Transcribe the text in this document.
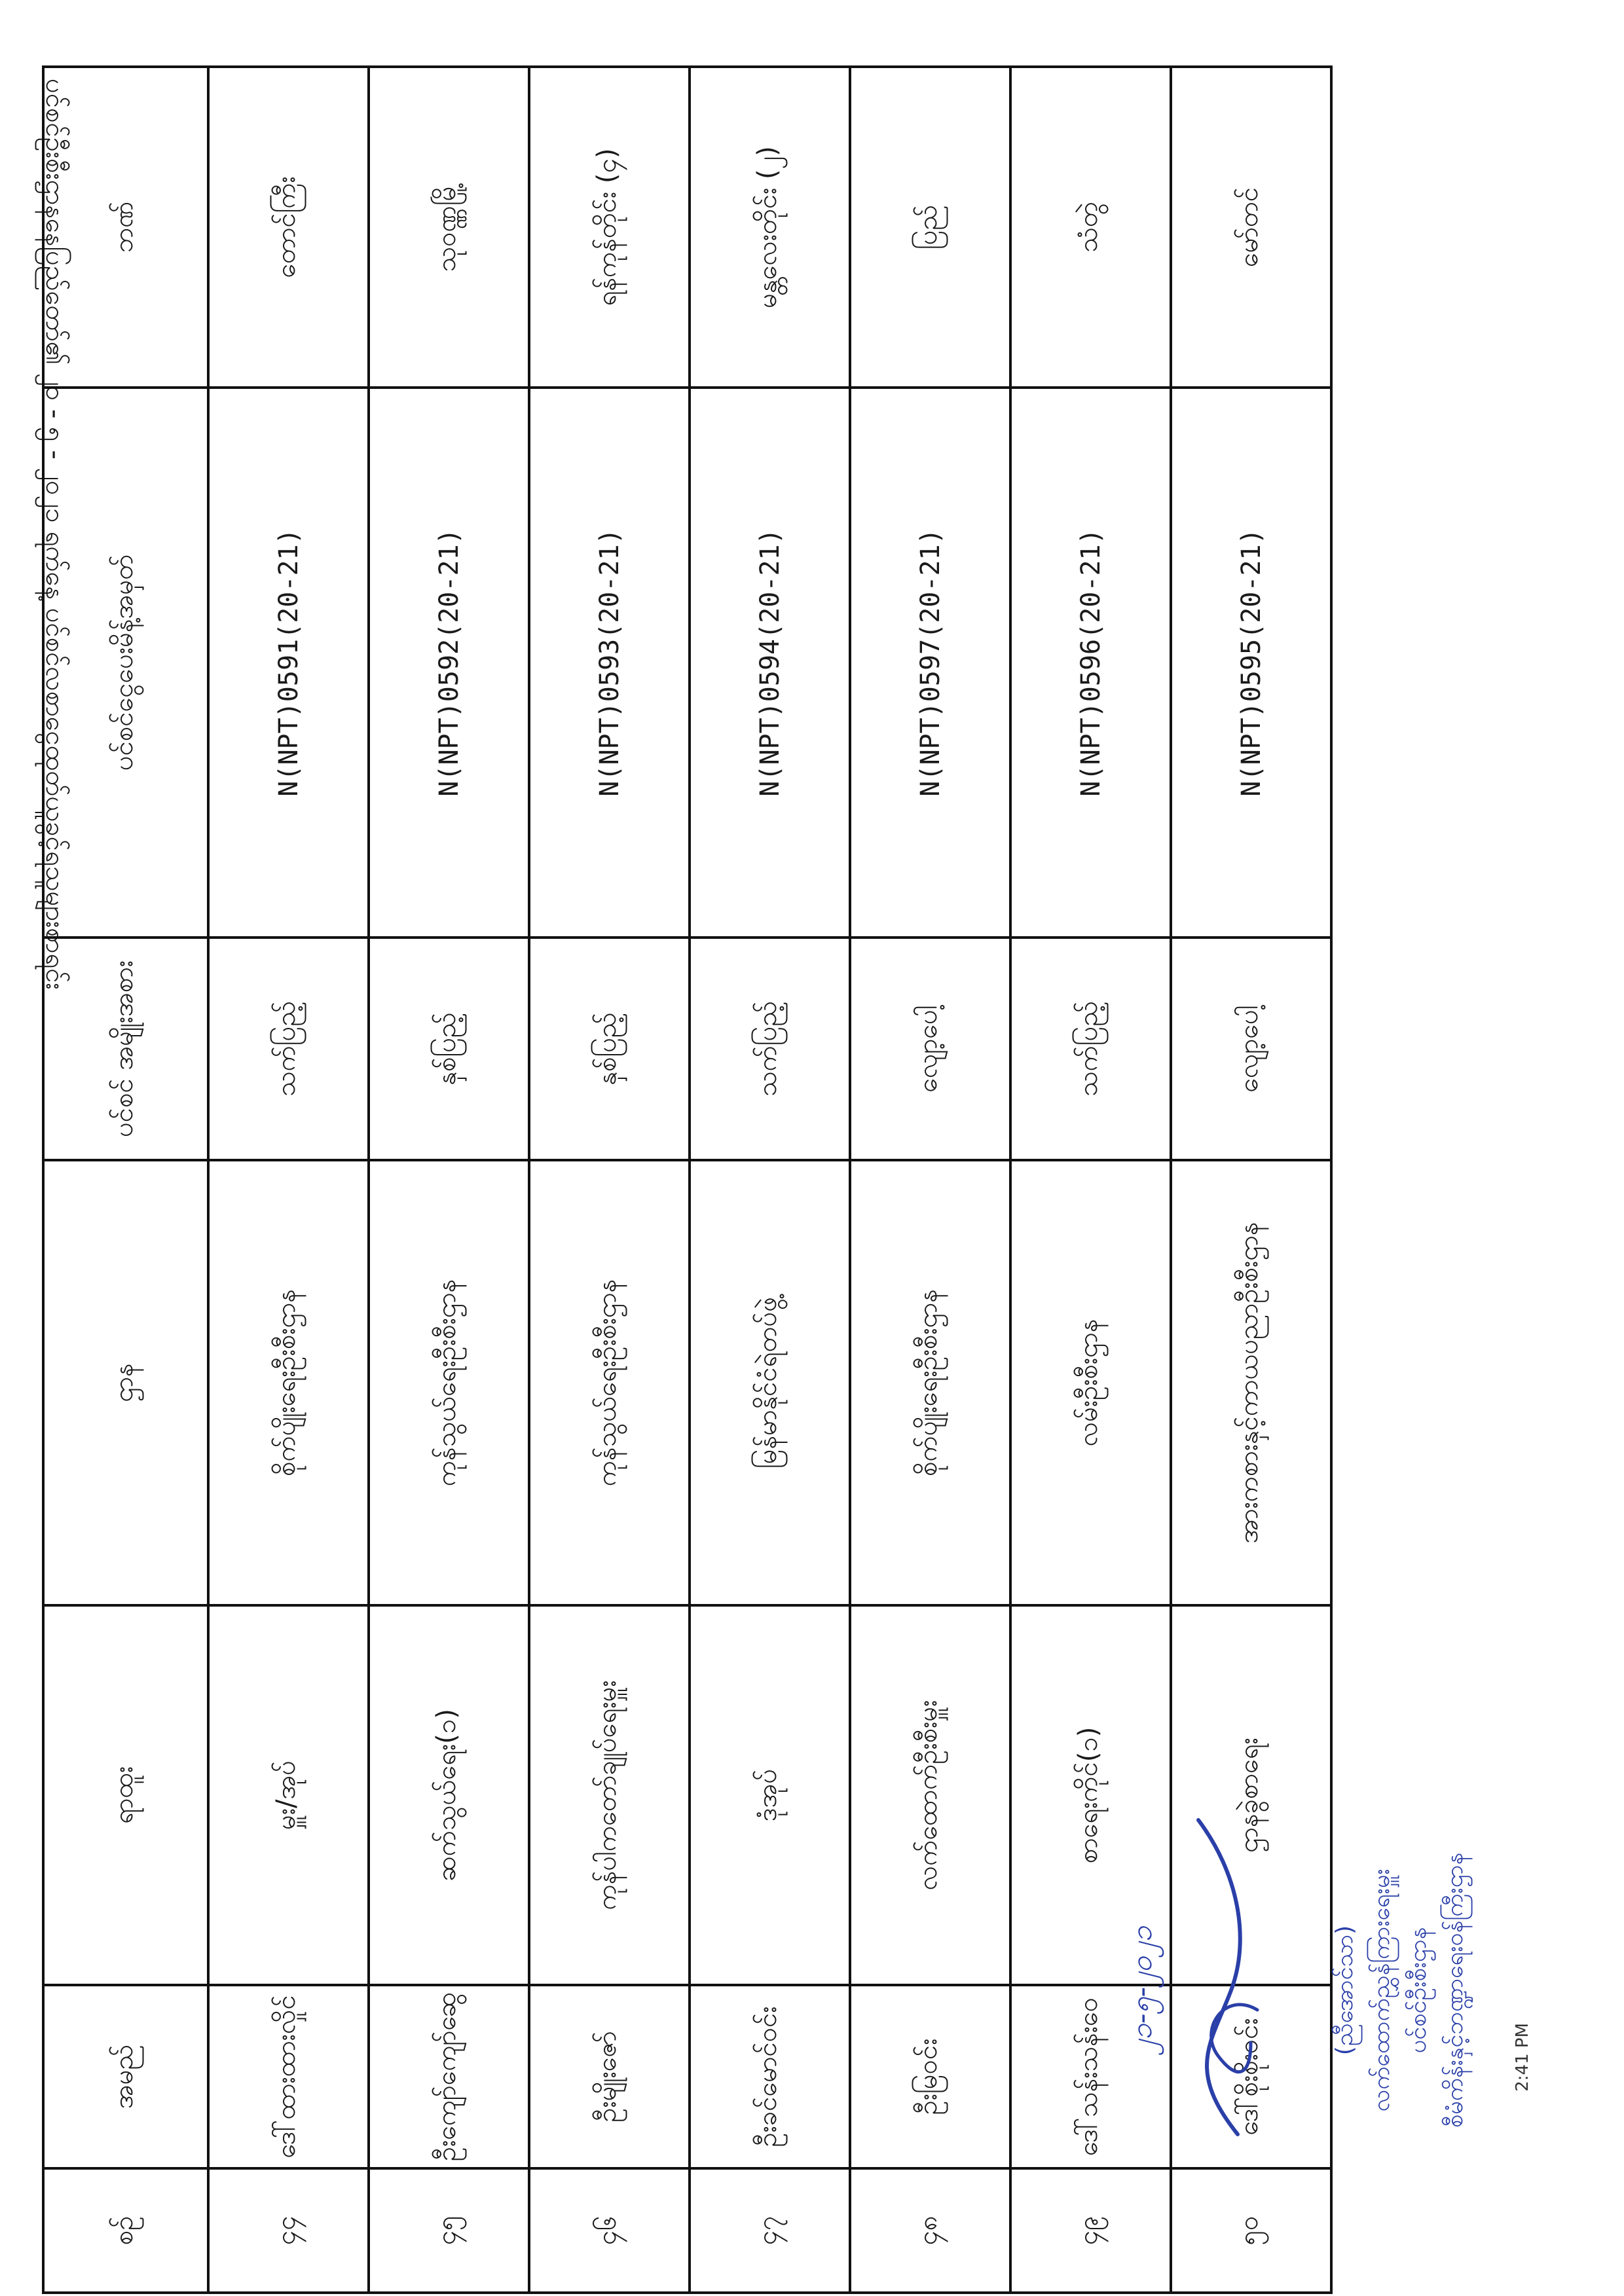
ပင်စင်ဦးစီးဌာနနေပြည်တော်၏ ၂၁ - ၅ - ၂၀၂၁ ရက်နေ့ ပင်စင်လစာငွေထုတ်ယူခွင့်ရသူများစာရင်း
စဉ်	အမည်	ရာထူး	ဌာန	ပင်စင် အမျိုးအစား	ပင်စင်ငွေပေးမိန့်အမှတ်	ဘဏ်
၄၄	ဒေါ်ထားထားလှိုင်	မှူး/အုပ်	စိုက်ပျိုးရေးဦးစီးဌာန	သက်ပြည့်	N(NPT)0591(20-21)	တောင်ကြီး
၄၅	ဦးကျော်ကျော်ဆွေ	ဆက်သွယ်ရေး(၁)	ကုန်သွယ်ရေးဦးစီးဌာန	နှစ်ပြည့်	N(NPT)0592(20-21)	သုဝဏ္ဏမြို့
၄၆	ဦးမျိုးဇော်	ကုန်ပါကတော်ချုပ်ရေးမှူး	ကုန်သွယ်ရေးဦးစီးဌာန	နှစ်ပြည့်	N(NPT)0593(20-21)	ရန်ကုန်တိုင်း (၄)
၄၇	ဦးခင်မောင်ဝင်း	ဒုံအုပ်	မြန်မာနိုင်ငံရဲတပ်ဖွဲ့	သက်ပြည့်	N(NPT)0594(20-21)	မန္တလေးတိုင်း (၂)
၄၈	ဦးမြဝင်း	လက်ထောက်ဦးစီးမှူး	စိုက်ပျိုးရေးဦးစီးဌာန	လျော့ပေါ့	N(NPT)0597(20-21)	ပြည်
၄၉	ဒေါ်သန်းသန်းဝေ	စာရေးကိုင်(၁)	လမ်းဦးစီးဌာန	သက်ပြည့်	N(NPT)0596(20-21)	သံတွဲ
၅၀	ဒေါ်စိုးစိုးဝင်း	ဌာနခွဲစာရေး	အားကစားနှင့်ကာယပညာဦးစီးဌာန	လျော့ပေါ့	N(NPT)0595(20-21)	မော်တင်
၂၁-၅-၂၀၂၁	(ညီအောင်သာ) လက်ထောက်ညွှန်ကြားရေးမှူး ပင်စင်ဦးစီးဌာန စီမံကိန်းနှင့်ဘဏ္ဍာရေးဝန်ကြီးဌာန	2:41 PM
